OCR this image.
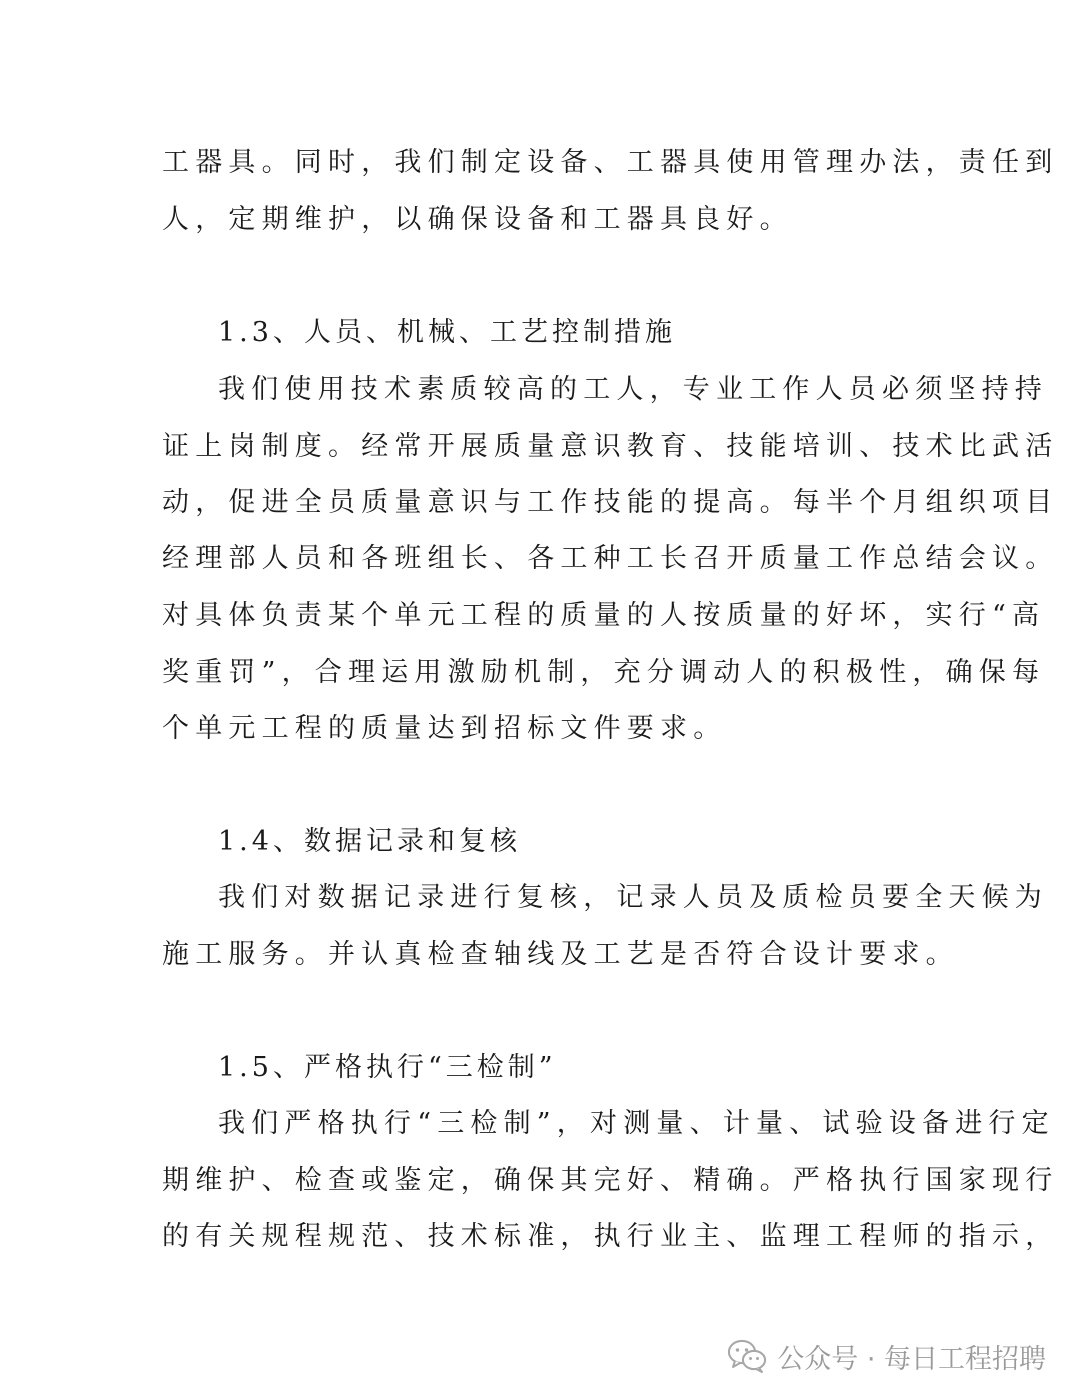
工器具。同时，我们制定设备、工器具使用管理办法，责任到
人，定期维护，以确保设备和工器具良好。
1.3、人员、机械、工艺控制措施
我们使用技术素质较高的工人，专业工作人员必须坚持持
证上岗制度。经常开展质量意识教育、技能培训、技术比武活
动，促进全员质量意识与工作技能的提高。每半个月组织项目
经理部人员和各班组长、各工种工长召开质量工作总结会议。
对具体负责某个单元工程的质量的人按质量的好坏，实行“高
奖重罚”，合理运用激励机制，充分调动人的积极性，确保每
个单元工程的质量达到招标文件要求。
1.4、数据记录和复核
我们对数据记录进行复核，记录人员及质检员要全天候为
施工服务。并认真检查轴线及工艺是否符合设计要求。
1.5、严格执行“三检制”
我们严格执行“三检制”，对测量、计量、试验设备进行定
期维护、检查或鉴定，确保其完好、精确。严格执行国家现行
的有关规程规范、技术标准，执行业主、监理工程师的指示，
公众号 · 每日工程招聘
